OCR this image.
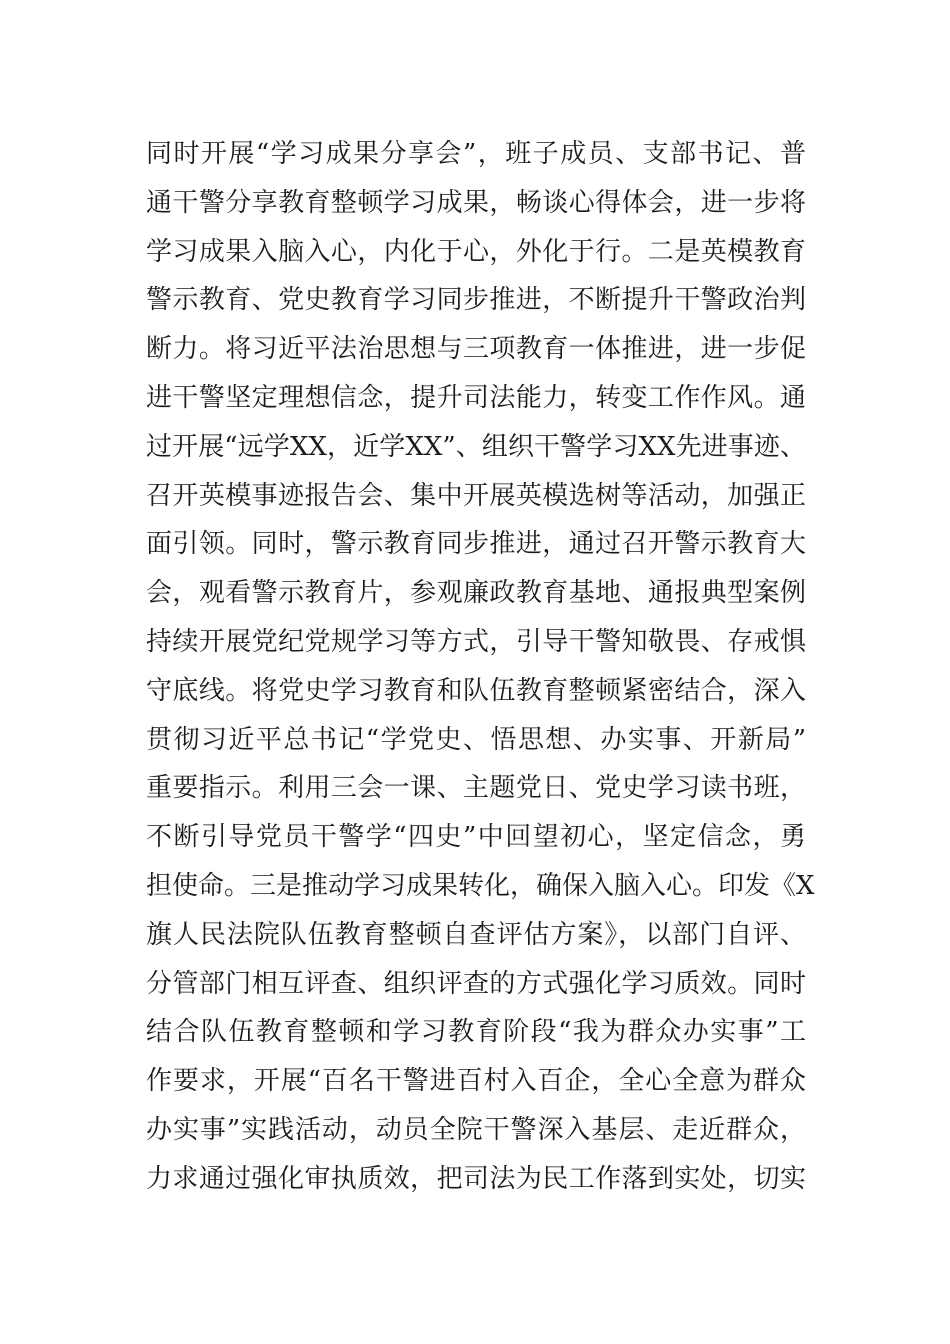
同时开展“学习成果分享会”，班子成员、支部书记、普
通干警分享教育整顿学习成果，畅谈心得体会，进一步将
学习成果入脑入心，内化于心，外化于行。二是英模教育
警示教育、党史教育学习同步推进，不断提升干警政治判
断力。将习近平法治思想与三项教育一体推进，进一步促
进干警坚定理想信念，提升司法能力，转变工作作风。通
过开展“远学XX，近学XX”、组织干警学习XX先进事迹、
召开英模事迹报告会、集中开展英模选树等活动，加强正
面引领。同时，警示教育同步推进，通过召开警示教育大
会，观看警示教育片，参观廉政教育基地、通报典型案例
持续开展党纪党规学习等方式，引导干警知敬畏、存戒惧
守底线。将党史学习教育和队伍教育整顿紧密结合，深入
贯彻习近平总书记“学党史、悟思想、办实事、开新局”
重要指示。利用三会一课、主题党日、党史学习读书班，
不断引导党员干警学“四史”中回望初心，坚定信念，勇
担使命。三是推动学习成果转化，确保入脑入心。印发《X
旗人民法院队伍教育整顿自查评估方案》，以部门自评、
分管部门相互评查、组织评查的方式强化学习质效。同时
结合队伍教育整顿和学习教育阶段“我为群众办实事”工
作要求，开展“百名干警进百村入百企，全心全意为群众
办实事”实践活动，动员全院干警深入基层、走近群众，
力求通过强化审执质效，把司法为民工作落到实处，切实
